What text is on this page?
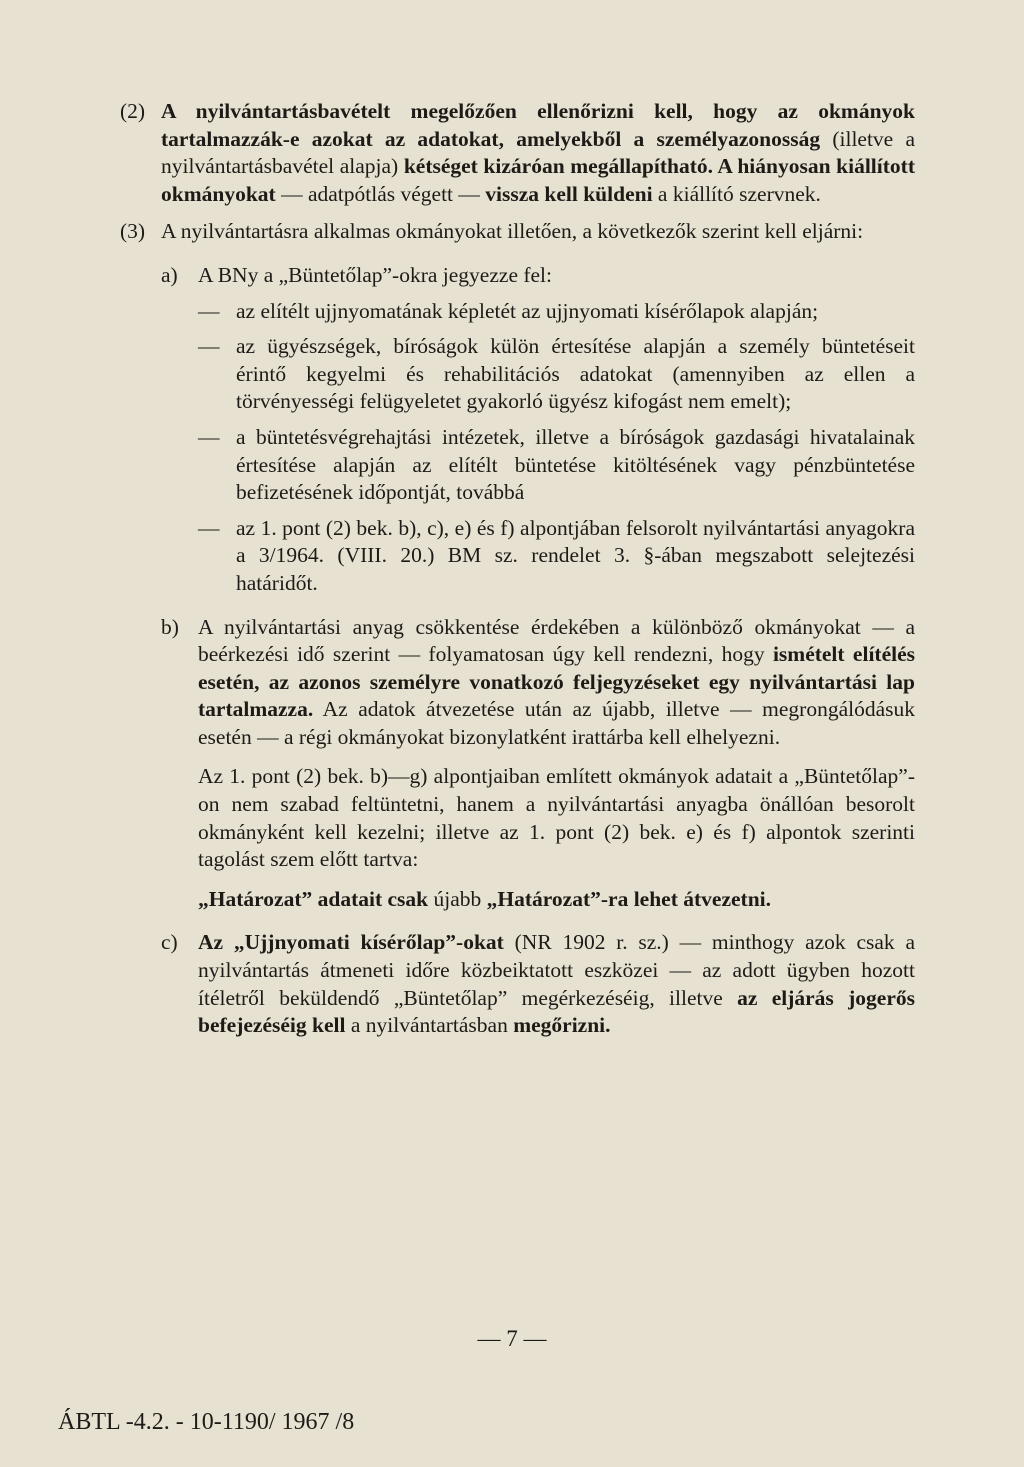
(2) A nyilvántartásbavételt megelőzően ellenőrizni kell, hogy az okmányok tartalmazzák-e azokat az adatokat, amelyekből a személyazonosság (illetve a nyilvántartásbavétel alapja) kétséget kizáróan megállapítható. A hiányosan kiállított okmányokat — adatpótlás végett — vissza kell küldeni a kiállító szervnek.
(3) A nyilvántartásra alkalmas okmányokat illetően, a következők szerint kell eljárni:
a) A BNy a „Büntetőlap”-okra jegyezze fel:
— az elítélt ujjnyomatának képletét az ujjnyomati kísérőlapok alapján;
— az ügyészségek, bíróságok külön értesítése alapján a személy büntetéseit érintő kegyelmi és rehabilitációs adatokat (amennyiben az ellen a törvényességi felügyeletet gyakorló ügyész kifogást nem emelt);
— a büntetésvégrehajtási intézetek, illetve a bíróságok gazdasági hivatalainak értesítése alapján az elítélt büntetése kitöltésének vagy pénzbüntetése befizetésének időpontját, továbbá
— az 1. pont (2) bek. b), c), e) és f) alpontjában felsorolt nyilvántartási anyagokra a 3/1964. (VIII. 20.) BM sz. rendelet 3. §-ában megszabott selejtezési határidőt.
b) A nyilvántartási anyag csökkentése érdekében a különböző okmányokat — a beérkezési idő szerint — folyamatosan úgy kell rendezni, hogy ismételt elítélés esetén, az azonos személyre vonatkozó feljegyzéseket egy nyilvántartási lap tartalmazza. Az adatok átvezetése után az újabb, illetve — megrongálódásuk esetén — a régi okmányokat bizonylatként irattárba kell elhelyezni.
Az 1. pont (2) bek. b)—g) alpontjaiban említett okmányok adatait a „Büntetőlap”-on nem szabad feltüntetni, hanem a nyilvántartási anyagba önállóan besorolt okmányként kell kezelni; illetve az 1. pont (2) bek. e) és f) alpontok szerinti tagolást szem előtt tartva:
„Határozat” adatait csak újabb „Határozat”-ra lehet átvezetni.
c) Az „Ujjnyomati kísérőlap”-okat (NR 1902 r. sz.) — minthogy azok csak a nyilvántartás átmeneti időre közbeiktatott eszközei — az adott ügyben hozott ítéletről beküldendő „Büntetőlap” megérkezéséig, illetve az eljárás jogerős befejezéséig kell a nyilvántartásban megőrizni.
— 7 —
ÁBTL -4.2. - 10-1190/ 1967 /8
